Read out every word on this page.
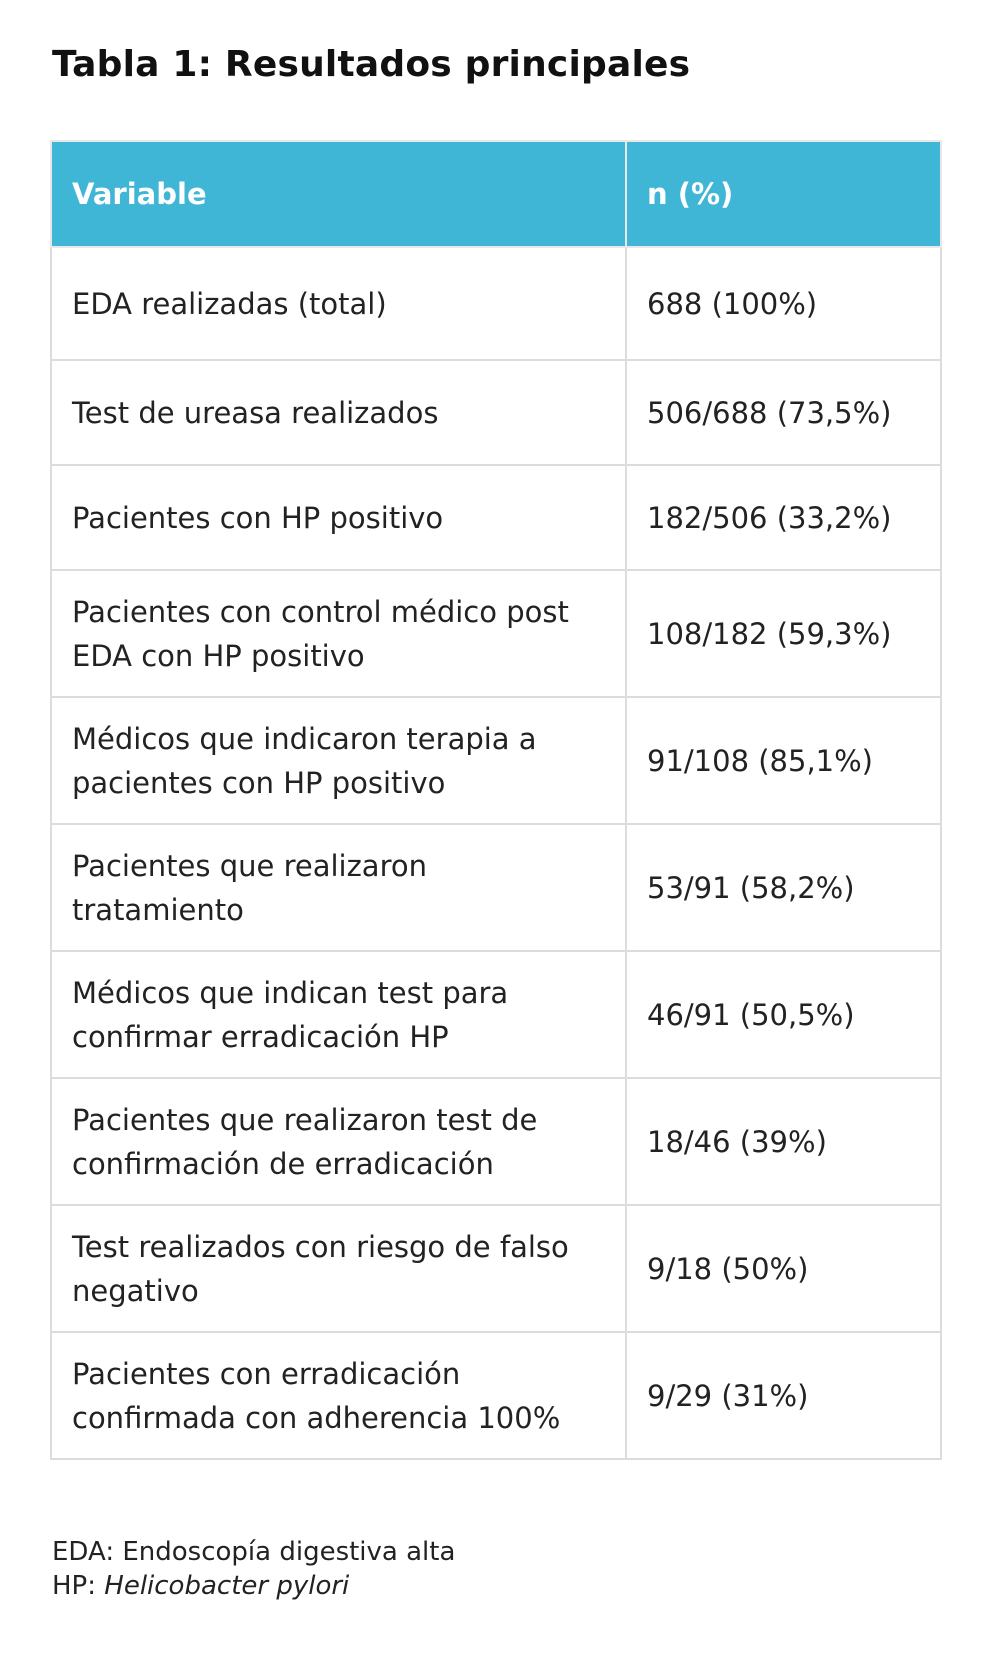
Tabla 1: Resultados principales
Variable	n (%)
EDA realizadas (total)	688 (100%)
Test de ureasa realizados	506/688 (73,5%)
Pacientes con HP positivo	182/506 (33,2%)
Pacientes con control médico post EDA con HP positivo	108/182 (59,3%)
Médicos que indicaron terapia a pacientes con HP positivo	91/108 (85,1%)
Pacientes que realizaron tratamiento	53/91 (58,2%)
Médicos que indican test para confirmar erradicación HP	46/91 (50,5%)
Pacientes que realizaron test de confirmación de erradicación	18/46 (39%)
Test realizados con riesgo de falso negativo	9/18 (50%)
Pacientes con erradicación confirmada con adherencia 100%	9/29 (31%)
EDA: Endoscopía digestiva alta
HP: Helicobacter pylori
